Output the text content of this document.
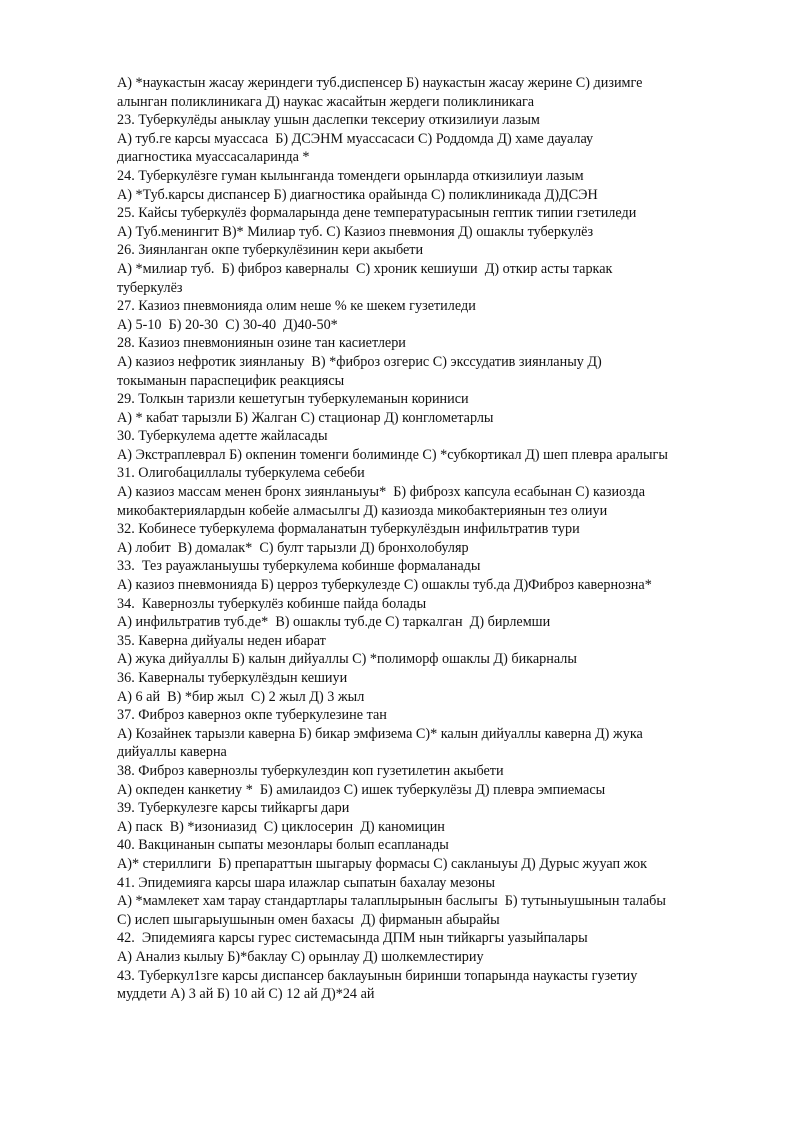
А) *наукастын жасау жериндеги туб.диспенсер Б) наукастын жасау жерине С) дизимге
алынган поликлиникага Д) наукас жасайтын жердеги поликлиникага
23. Туберкулёды аныклау ушын даслепки тексериу откизилиуи лазым
А) туб.ге карсы муассаса  Б) ДСЭНМ муассасаси С) Роддомда Д) хаме дауалау
диагностика муассасаларинда *
24. Туберкулёзге гуман кылынганда томендеги орынларда откизилиуи лазым
А) *Туб.карсы диспансер Б) диагностика орайында С) поликлиникада Д)ДСЭН
25. Кайсы туберкулёз формаларында дене температурасынын гептик типии гзетиледи
А) Туб.менингит В)* Милиар туб. С) Казиоз пневмония Д) ошаклы туберкулёз
26. Зиянланган окпе туберкулёзинин кери акыбети
А) *милиар туб.  Б) фиброз каверналы  С) хроник кешиуши  Д) откир асты таркак
туберкулёз
27. Казиоз пневмонияда олим неше % ке шекем гузетиледи
А) 5-10  Б) 20-30  С) 30-40  Д)40-50*
28. Казиоз пневмониянын озине тан касиетлери
А) казиоз нефротик зиянланыу  В) *фиброз озгерис С) экссудатив зиянланыу Д)
токыманын параспецифик реакциясы
29. Толкын таризли кешетугын туберкулеманын кориниси
А) * кабат тарызли Б) Жалган С) стационар Д) конглометарлы
30. Туберкулема адетте жайласады
А) Экстраплеврал Б) окпенин томенги болиминде С) *субкортикал Д) шеп плевра аралыгы
31. Олигобациллалы туберкулема себеби
А) казиоз массам менен бронх зиянланыуы*  Б) фиброзх капсула есабынан С) казиозда
микобактериялардын кобейе алмасылгы Д) казиозда микобактериянын тез олиуи
32. Кобинесе туберкулема формаланатын туберкулёздын инфильтратив тури
А) лобит  В) домалак*  С) булт тарызли Д) бронхолобуляр
33.  Тез рауажланыушы туберкулема кобинше формаланады
А) казиоз пневмонияда Б) церроз туберкулезде С) ошаклы туб.да Д)Фиброз кавернозна*
34.  Кавернозлы туберкулёз кобинше пайда болады
А) инфильтратив туб.де*  В) ошаклы туб.де С) таркалган  Д) бирлемши
35. Каверна дийуалы неден ибарат
А) жука дийуаллы Б) калын дийуаллы С) *полиморф ошаклы Д) бикарналы
36. Каверналы туберкулёздын кешиуи
А) 6 ай  В) *бир жыл  С) 2 жыл Д) 3 жыл
37. Фиброз каверноз окпе туберкулезине тан
А) Козайнек тарызли каверна Б) бикар эмфизема С)* калын дийуаллы каверна Д) жука
дийуаллы каверна
38. Фиброз кавернозлы туберкулездин коп гузетилетин акыбети
А) окпеден канкетиу *  Б) амилаидоз С) ишек туберкулёзы Д) плевра эмпиемасы
39. Туберкулезге карсы тийкаргы дари
А) паск  В) *изониазид  С) циклосерин  Д) каномицин
40. Вакцинанын сыпаты мезонлары болып есапланады
А)* стериллиги  Б) препараттын шыгарыу формасы С) сакланыуы Д) Дурыс жууап жок
41. Эпидемияга карсы шара илажлар сыпатын бахалау мезоны
А) *мамлекет хам тарау стандартлары талаплырынын баслыгы  Б) тутыныушынын талабы
С) ислеп шыгарыушынын омен бахасы  Д) фирманын абырайы
42.  Эпидемияга карсы гурес системасында ДПМ нын тийкаргы уазыйпалары
А) Анализ кылыу Б)*баклау С) орынлау Д) шолкемлестириу
43. Туберкул1зге карсы диспансер баклауынын биринши топарында наукасты гузетиу
муддети А) 3 ай Б) 10 ай С) 12 ай Д)*24 ай
